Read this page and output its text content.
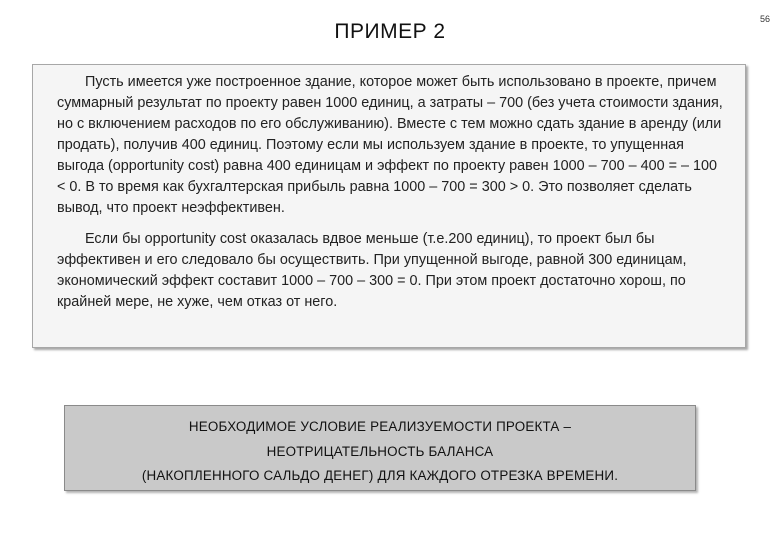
ПРИМЕР 2
56

Пусть имеется уже построенное здание, которое может быть использовано в проекте, причем суммарный результат по проекту равен 1000 единиц, а затраты – 700 (без учета стоимости здания, но с включением расходов по его обслуживанию). Вместе с тем можно сдать здание в аренду (или продать), получив 400 единиц. Поэтому если мы используем здание в проекте, то упущенная выгода (opportunity cost) равна 400 единицам и эффект по проекту равен 1000 – 700 – 400 = – 100 < 0. В то время как бухгалтерская прибыль равна 1000 – 700 = 300 > 0. Это позволяет сделать вывод, что проект неэффективен.

Если бы opportunity cost оказалась вдвое меньше (т.е.200 единиц), то проект был бы эффективен и его следовало бы осуществить. При упущенной выгоде, равной 300 единицам, экономический эффект составит 1000 – 700 – 300 = 0. При этом проект достаточно хорош, по крайней мере, не хуже, чем отказ от него.

НЕОБХОДИМОЕ УСЛОВИЕ РЕАЛИЗУЕМОСТИ ПРОЕКТА –
НЕОТРИЦАТЕЛЬНОСТЬ БАЛАНСА
(НАКОПЛЕННОГО САЛЬДО ДЕНЕГ) ДЛЯ КАЖДОГО ОТРЕЗКА ВРЕМЕНИ.
